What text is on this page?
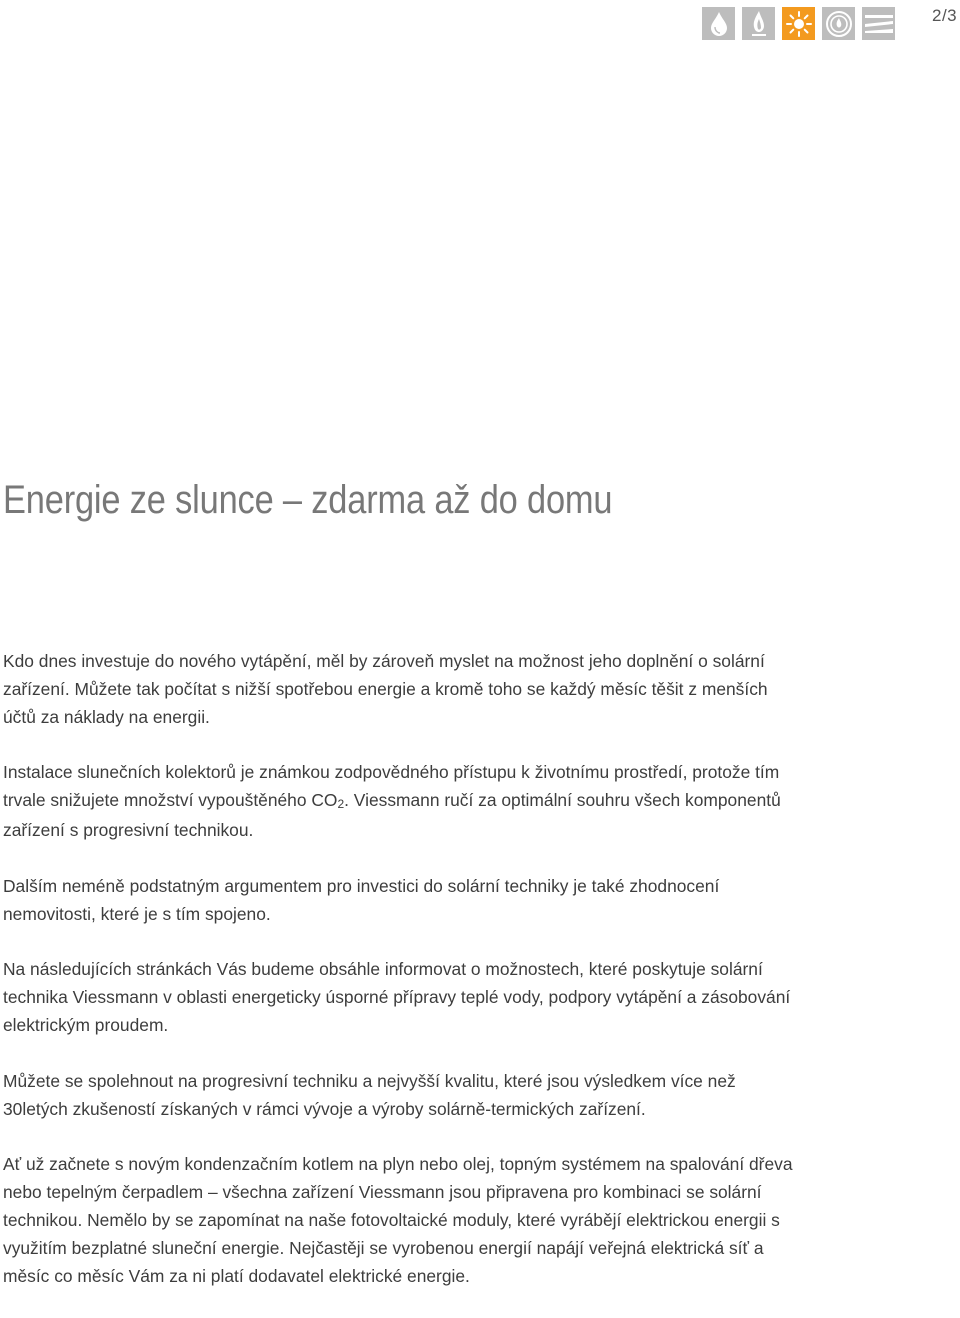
2/3
Energie ze slunce – zdarma až do domu

Kdo dnes investuje do nového vytápění, měl by zároveň myslet na možnost jeho doplnění o solární zařízení. Můžete tak počítat s nižší spotřebou energie a kromě toho se každý měsíc těšit z menších účtů za náklady na energii.

Instalace slunečních kolektorů je známkou zodpovědného přístupu k životnímu prostředí, protože tím trvale snižujete množství vypouštěného $CO_2$. Viessmann ručí za optimální souhru všech komponentů zařízení s progresivní technikou.

Dalším neméně podstatným argumentem pro investici do solární techniky je také zhodnocení nemovitosti, které je s tím spojeno.

Na následujících stránkách Vás budeme obsáhle informovat o možnostech, které poskytuje solární technika Viessmann v oblasti energeticky úsporné přípravy teplé vody, podpory vytápění a zásobování elektrickým proudem.

Můžete se spolehnout na progresivní techniku a nejvyšší kvalitu, které jsou výsledkem více než 30letých zkušeností získaných v rámci vývoje a výroby solárně-termických zařízení.

Ať už začnete s novým kondenzačním kotlem na plyn nebo olej, topným systémem na spalování dřeva nebo tepelným čerpadlem – všechna zařízení Viessmann jsou připravena pro kombinaci se solární technikou. Nemělo by se zapomínat na naše fotovoltaické moduly, které vyrábějí elektrickou energii s využitím bezplatné sluneční energie. Nejčastěji se vyrobenou energií napájí veřejná elektrická síť a měsíc co měsíc Vám za ni platí dodavatel elektrické energie.
